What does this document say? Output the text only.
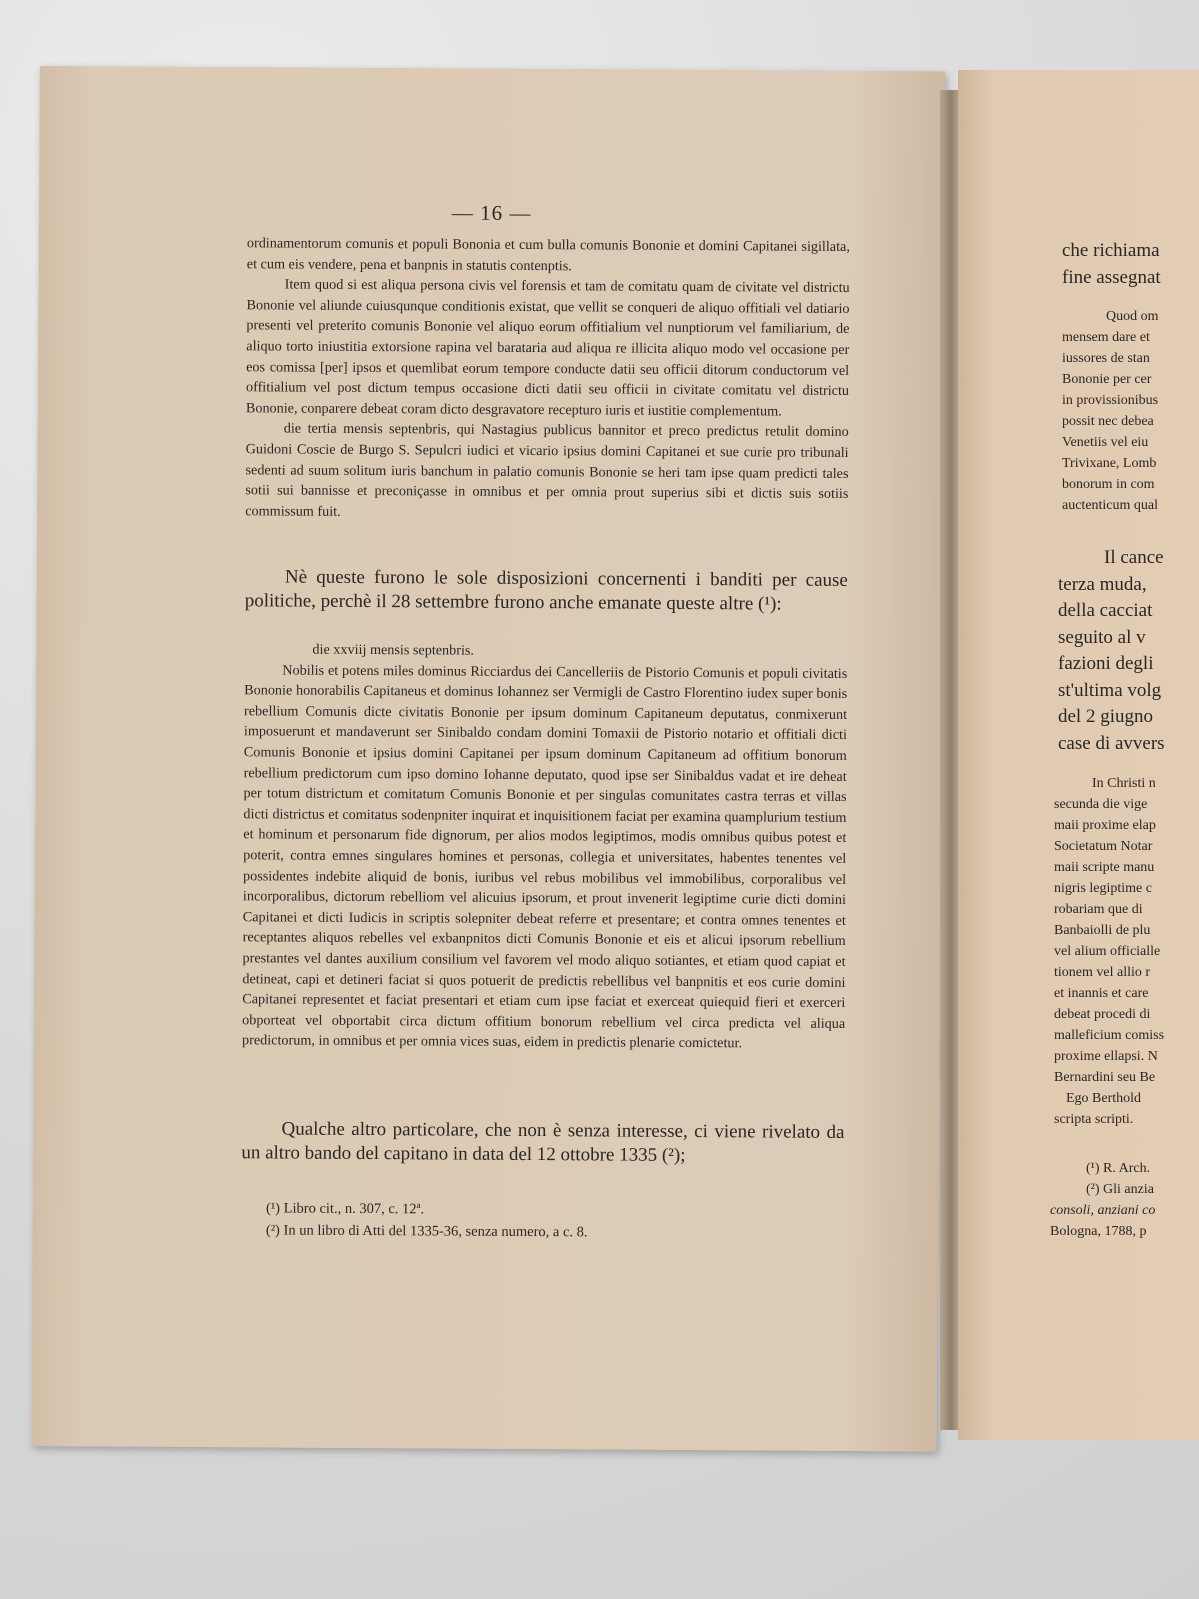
— 16 —

ordinamentorum comunis et populi Bononia et cum bulla comunis Bononie et domini Capitanei sigillata, et cum eis vendere, pena et banpnis in statutis contenptis.

Item quod si est aliqua persona civis vel forensis et tam de comitatu quam de civitate vel districtu Bononie vel aliunde cuiusqunque conditionis existat, que vellit se conqueri de aliquo offitiali vel datiario presenti vel preterito comunis Bononie vel aliquo eorum offitialium vel nunptiorum vel familiarium, de aliquo torto iniustitia extorsione rapina vel barataria aud aliqua re illicita aliquo modo vel occasione per eos comissa [per] ipsos et quemlibat eorum tempore conducte datii seu officii ditorum conductorum vel offitialium vel post dictum tempus occasione dicti datii seu officii in civitate comitatu vel districtu Bononie, conparere debeat coram dicto desgravatore recepturo iuris et iustitie complementum.

die tertia mensis septenbris, qui Nastagius publicus bannitor et preco predictus retulit domino Guidoni Coscie de Burgo S. Sepulcri iudici et vicario ipsius domini Capitanei et sue curie pro tribunali sedenti ad suum solitum iuris banchum in palatio comunis Bononie se heri tam ipse quam predicti tales sotii sui bannisse et preconiçasse in omnibus et per omnia prout superius sibi et dictis suis sotiis commissum fuit.

Nè queste furono le sole disposizioni concernenti i banditi per cause politiche, perchè il 28 settembre furono anche emanate queste altre (¹):

die xxviij mensis septenbris.

Nobilis et potens miles dominus Ricciardus dei Cancelleriis de Pistorio Comunis et populi civitatis Bononie honorabilis Capitaneus et dominus Iohannez ser Vermigli de Castro Florentino iudex super bonis rebellium Comunis dicte civitatis Bononie per ipsum dominum Capitaneum deputatus, conmixerunt imposuerunt et mandaverunt ser Sinibaldo condam domini Tomaxii de Pistorio notario et offitiali dicti Comunis Bononie et ipsius domini Capitanei per ipsum dominum Capitaneum ad offitium bonorum rebellium predictorum cum ipso domino Iohanne deputato, quod ipse ser Sinibaldus vadat et ire deheat per totum districtum et comitatum Comunis Bononie et per singulas comunitates castra terras et villas dicti districtus et comitatus sodenpniter inquirat et inquisitionem faciat per examina quamplurium testium et hominum et personarum fide dignorum, per alios modos legiptimos, modis omnibus quibus potest et poterit, contra emnes singulares homines et personas, collegia et universitates, habentes tenentes vel possidentes indebite aliquid de bonis, iuribus vel rebus mobilibus vel immobilibus, corporalibus vel incorporalibus, dictorum rebelliom vel alicuius ipsorum, et prout invenerit legiptime curie dicti domini Capitanei et dicti Iudicis in scriptis solepniter debeat referre et presentare; et contra omnes tenentes et receptantes aliquos rebelles vel exbanpnitos dicti Comunis Bononie et eis et alicui ipsorum rebellium prestantes vel dantes auxilium consilium vel favorem vel modo aliquo sotiantes, et etiam quod capiat et detineat, capi et detineri faciat si quos potuerit de predictis rebellibus vel banpnitis et eos curie domini Capitanei representet et faciat presentari et etiam cum ipse faciat et exerceat quiequid fieri et exerceri obporteat vel obportabit circa dictum offitium bonorum rebellium vel circa predicta vel aliqua predictorum, in omnibus et per omnia vices suas, eidem in predictis plenarie comictetur.

Qualche altro particolare, che non è senza interesse, ci viene rivelato da un altro bando del capitano in data del 12 ottobre 1335 (²);

(¹) Libro cit., n. 307, c. 12ª.

(²) In un libro di Atti del 1335-36, senza numero, a c. 8.

che richiama

fine assegnat

Quod om

mensem dare et

iussores de stan

Bononie per cer

in provissionibus

possit nec debea

Venetiis vel eiu

Trivixane, Lomb

bonorum in com

auctenticum qual

Il cance

terza muda,

della cacciat

seguito al v

fazioni degli

st'ultima volg

del 2 giugno

case di avvers

In Christi n

secunda die vige

maii proxime elap

Societatum Notar

maii scripte manu

nigris legiptime c

robariam que di

Banbaiolli de plu

vel alium officialle

tionem vel allio r

et inannis et care

debeat procedi di

malleficium comiss

proxime ellapsi. N

Bernardini seu Be

Ego Berthold

scripta scripti.

(¹) R. Arch.

(²) Gli anzia

consoli, anziani co

Bologna, 1788, p
